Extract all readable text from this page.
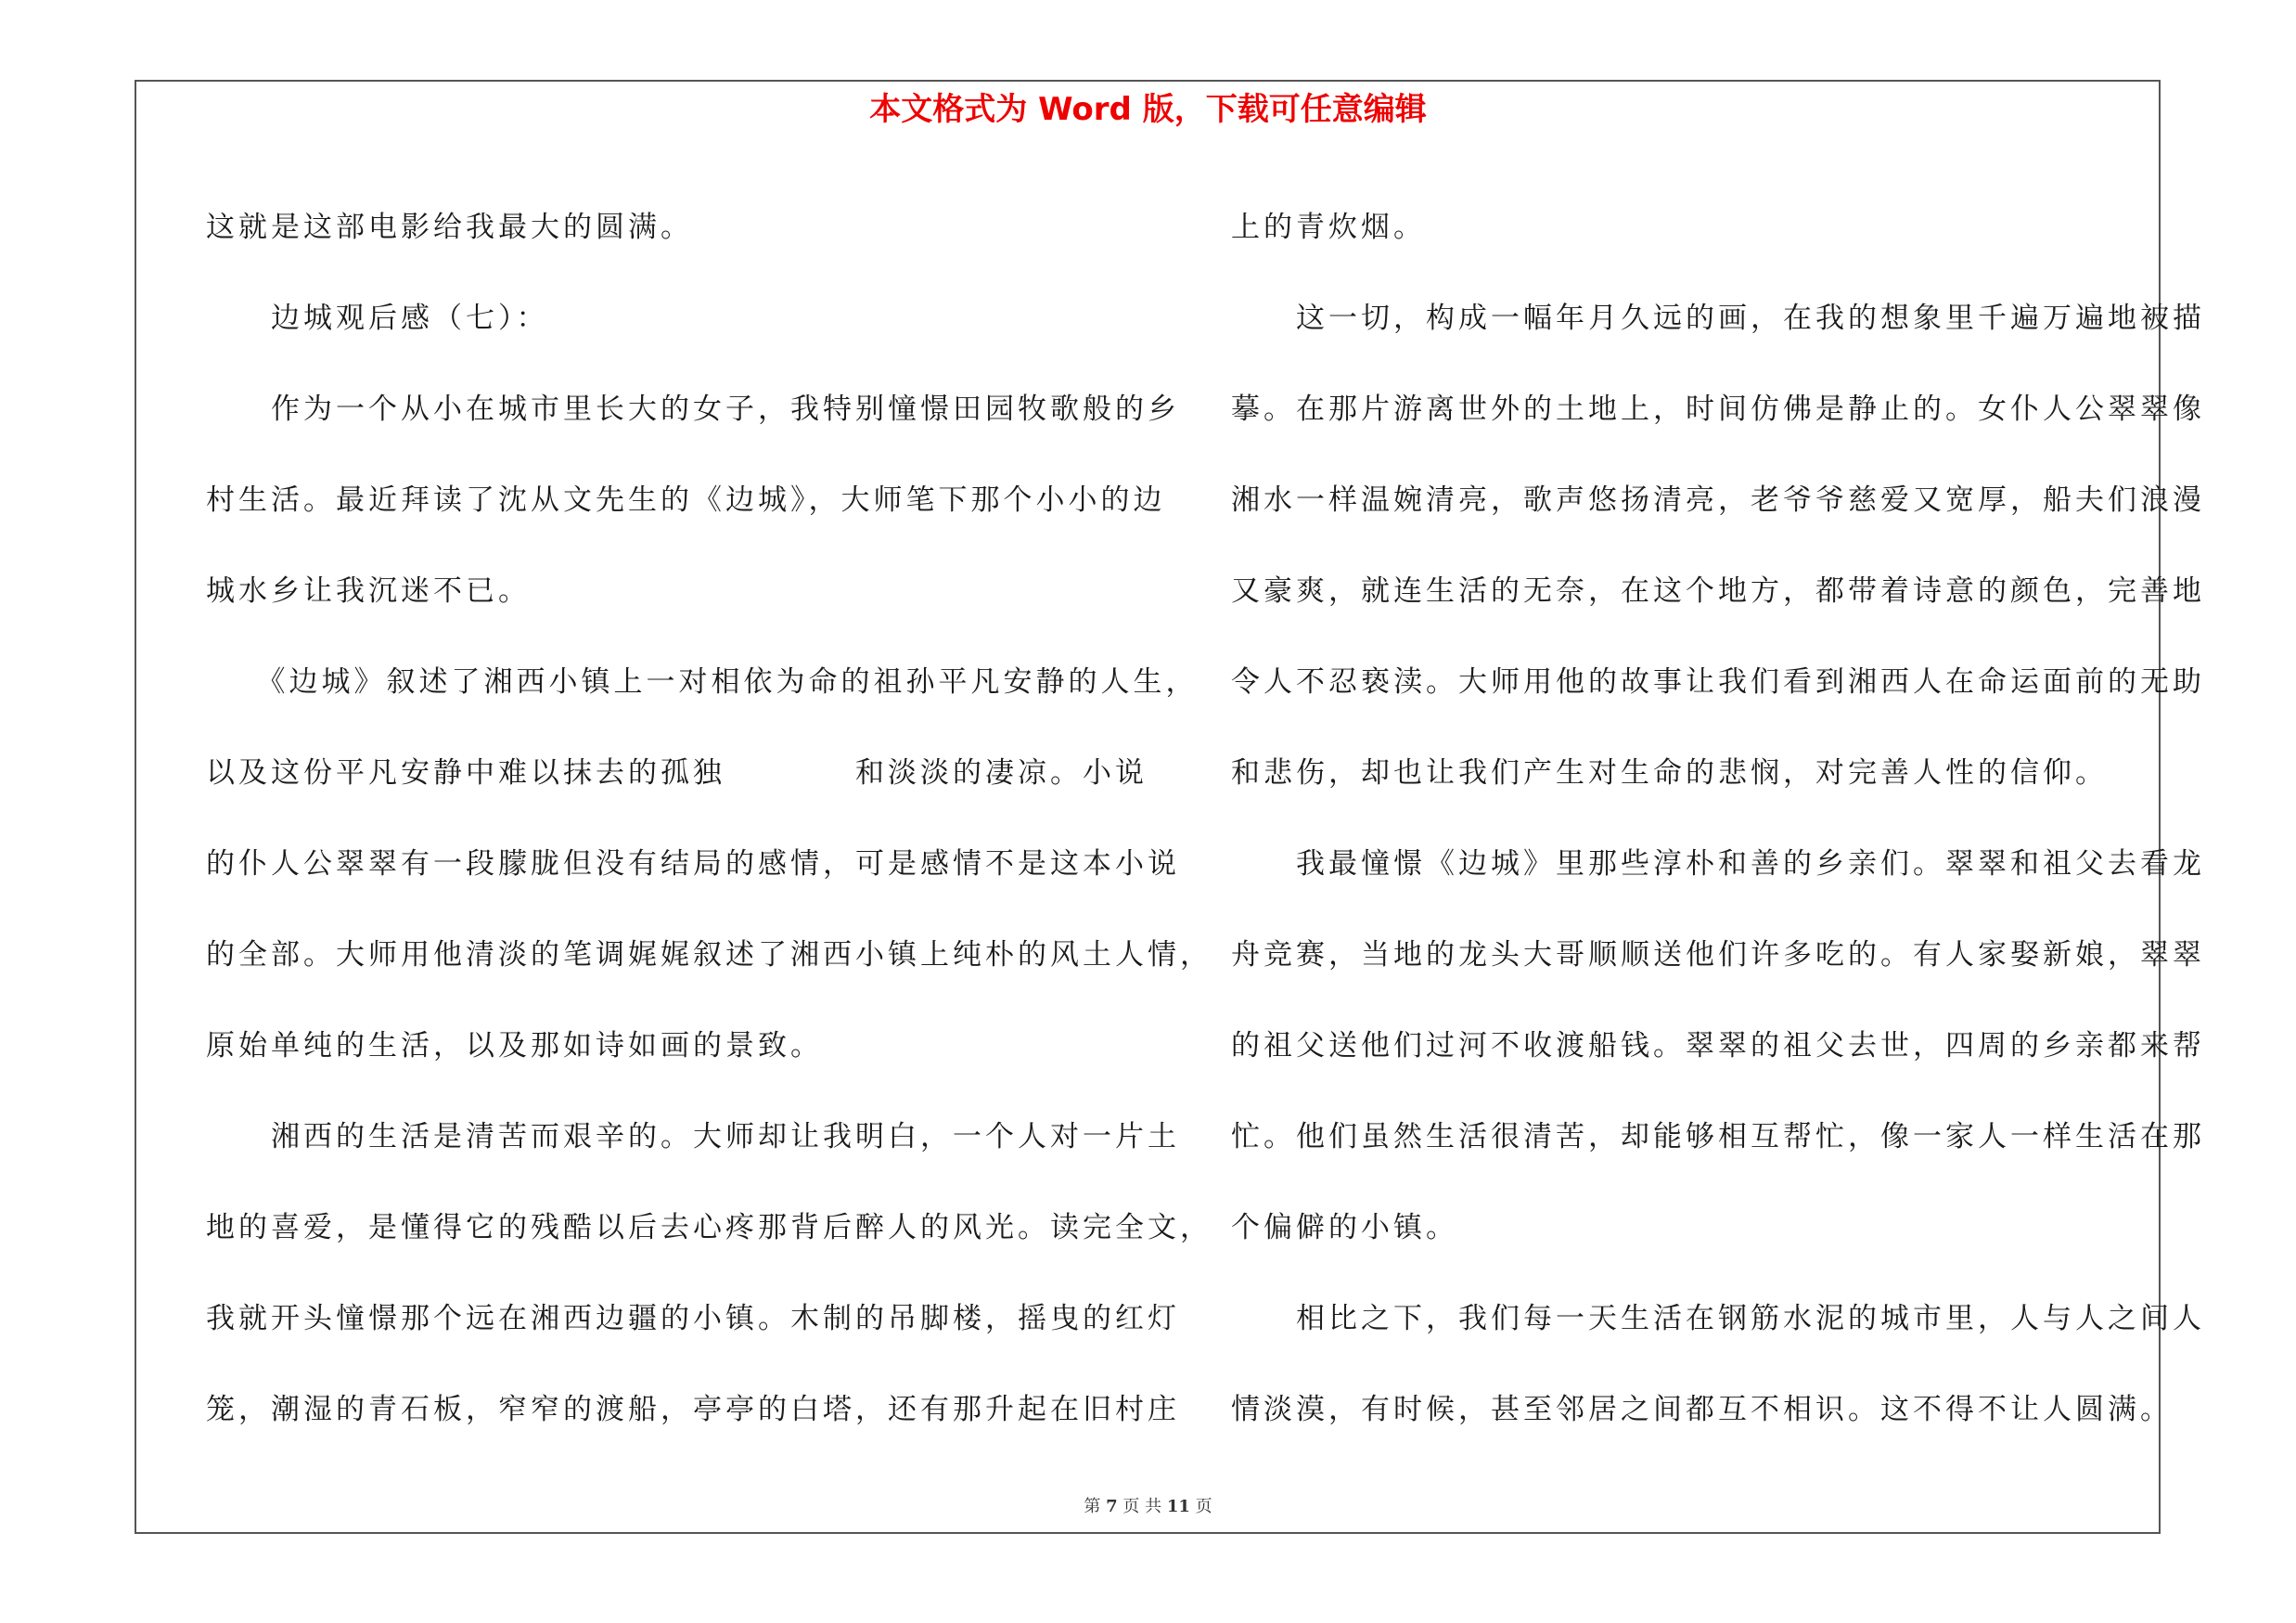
本文格式为 Word 版，下载可任意编辑
这就是这部电影给我最大的圆满。
　　边城观后感（七）：
　　作为一个从小在城市里长大的女子，我特别憧憬田园牧歌般的乡
村生活。最近拜读了沈从文先生的《边城》，大师笔下那个小小的边
城水乡让我沉迷不已。
　　《边城》叙述了湘西小镇上一对相依为命的祖孙平凡安静的人生，
以及这份平凡安静中难以抹去的孤独　　　　和淡淡的凄凉。小说
的仆人公翠翠有一段朦胧但没有结局的感情，可是感情不是这本小说
的全部。大师用他清淡的笔调娓娓叙述了湘西小镇上纯朴的风土人情，
原始单纯的生活，以及那如诗如画的景致。
　　湘西的生活是清苦而艰辛的。大师却让我明白，一个人对一片土
地的喜爱，是懂得它的残酷以后去心疼那背后醉人的风光。读完全文，
我就开头憧憬那个远在湘西边疆的小镇。木制的吊脚楼，摇曳的红灯
笼，潮湿的青石板，窄窄的渡船，亭亭的白塔，还有那升起在旧村庄
上的青炊烟。
　　这一切，构成一幅年月久远的画，在我的想象里千遍万遍地被描
摹。在那片游离世外的土地上，时间仿佛是静止的。女仆人公翠翠像
湘水一样温婉清亮，歌声悠扬清亮，老爷爷慈爱又宽厚，船夫们浪漫
又豪爽，就连生活的无奈，在这个地方，都带着诗意的颜色，完善地
令人不忍亵渎。大师用他的故事让我们看到湘西人在命运面前的无助
和悲伤，却也让我们产生对生命的悲悯，对完善人性的信仰。
　　我最憧憬《边城》里那些淳朴和善的乡亲们。翠翠和祖父去看龙
舟竞赛，当地的龙头大哥顺顺送他们许多吃的。有人家娶新娘，翠翠
的祖父送他们过河不收渡船钱。翠翠的祖父去世，四周的乡亲都来帮
忙。他们虽然生活很清苦，却能够相互帮忙，像一家人一样生活在那
个偏僻的小镇。
　　相比之下，我们每一天生活在钢筋水泥的城市里，人与人之间人
情淡漠，有时候，甚至邻居之间都互不相识。这不得不让人圆满。
第 7 页 共 11 页
